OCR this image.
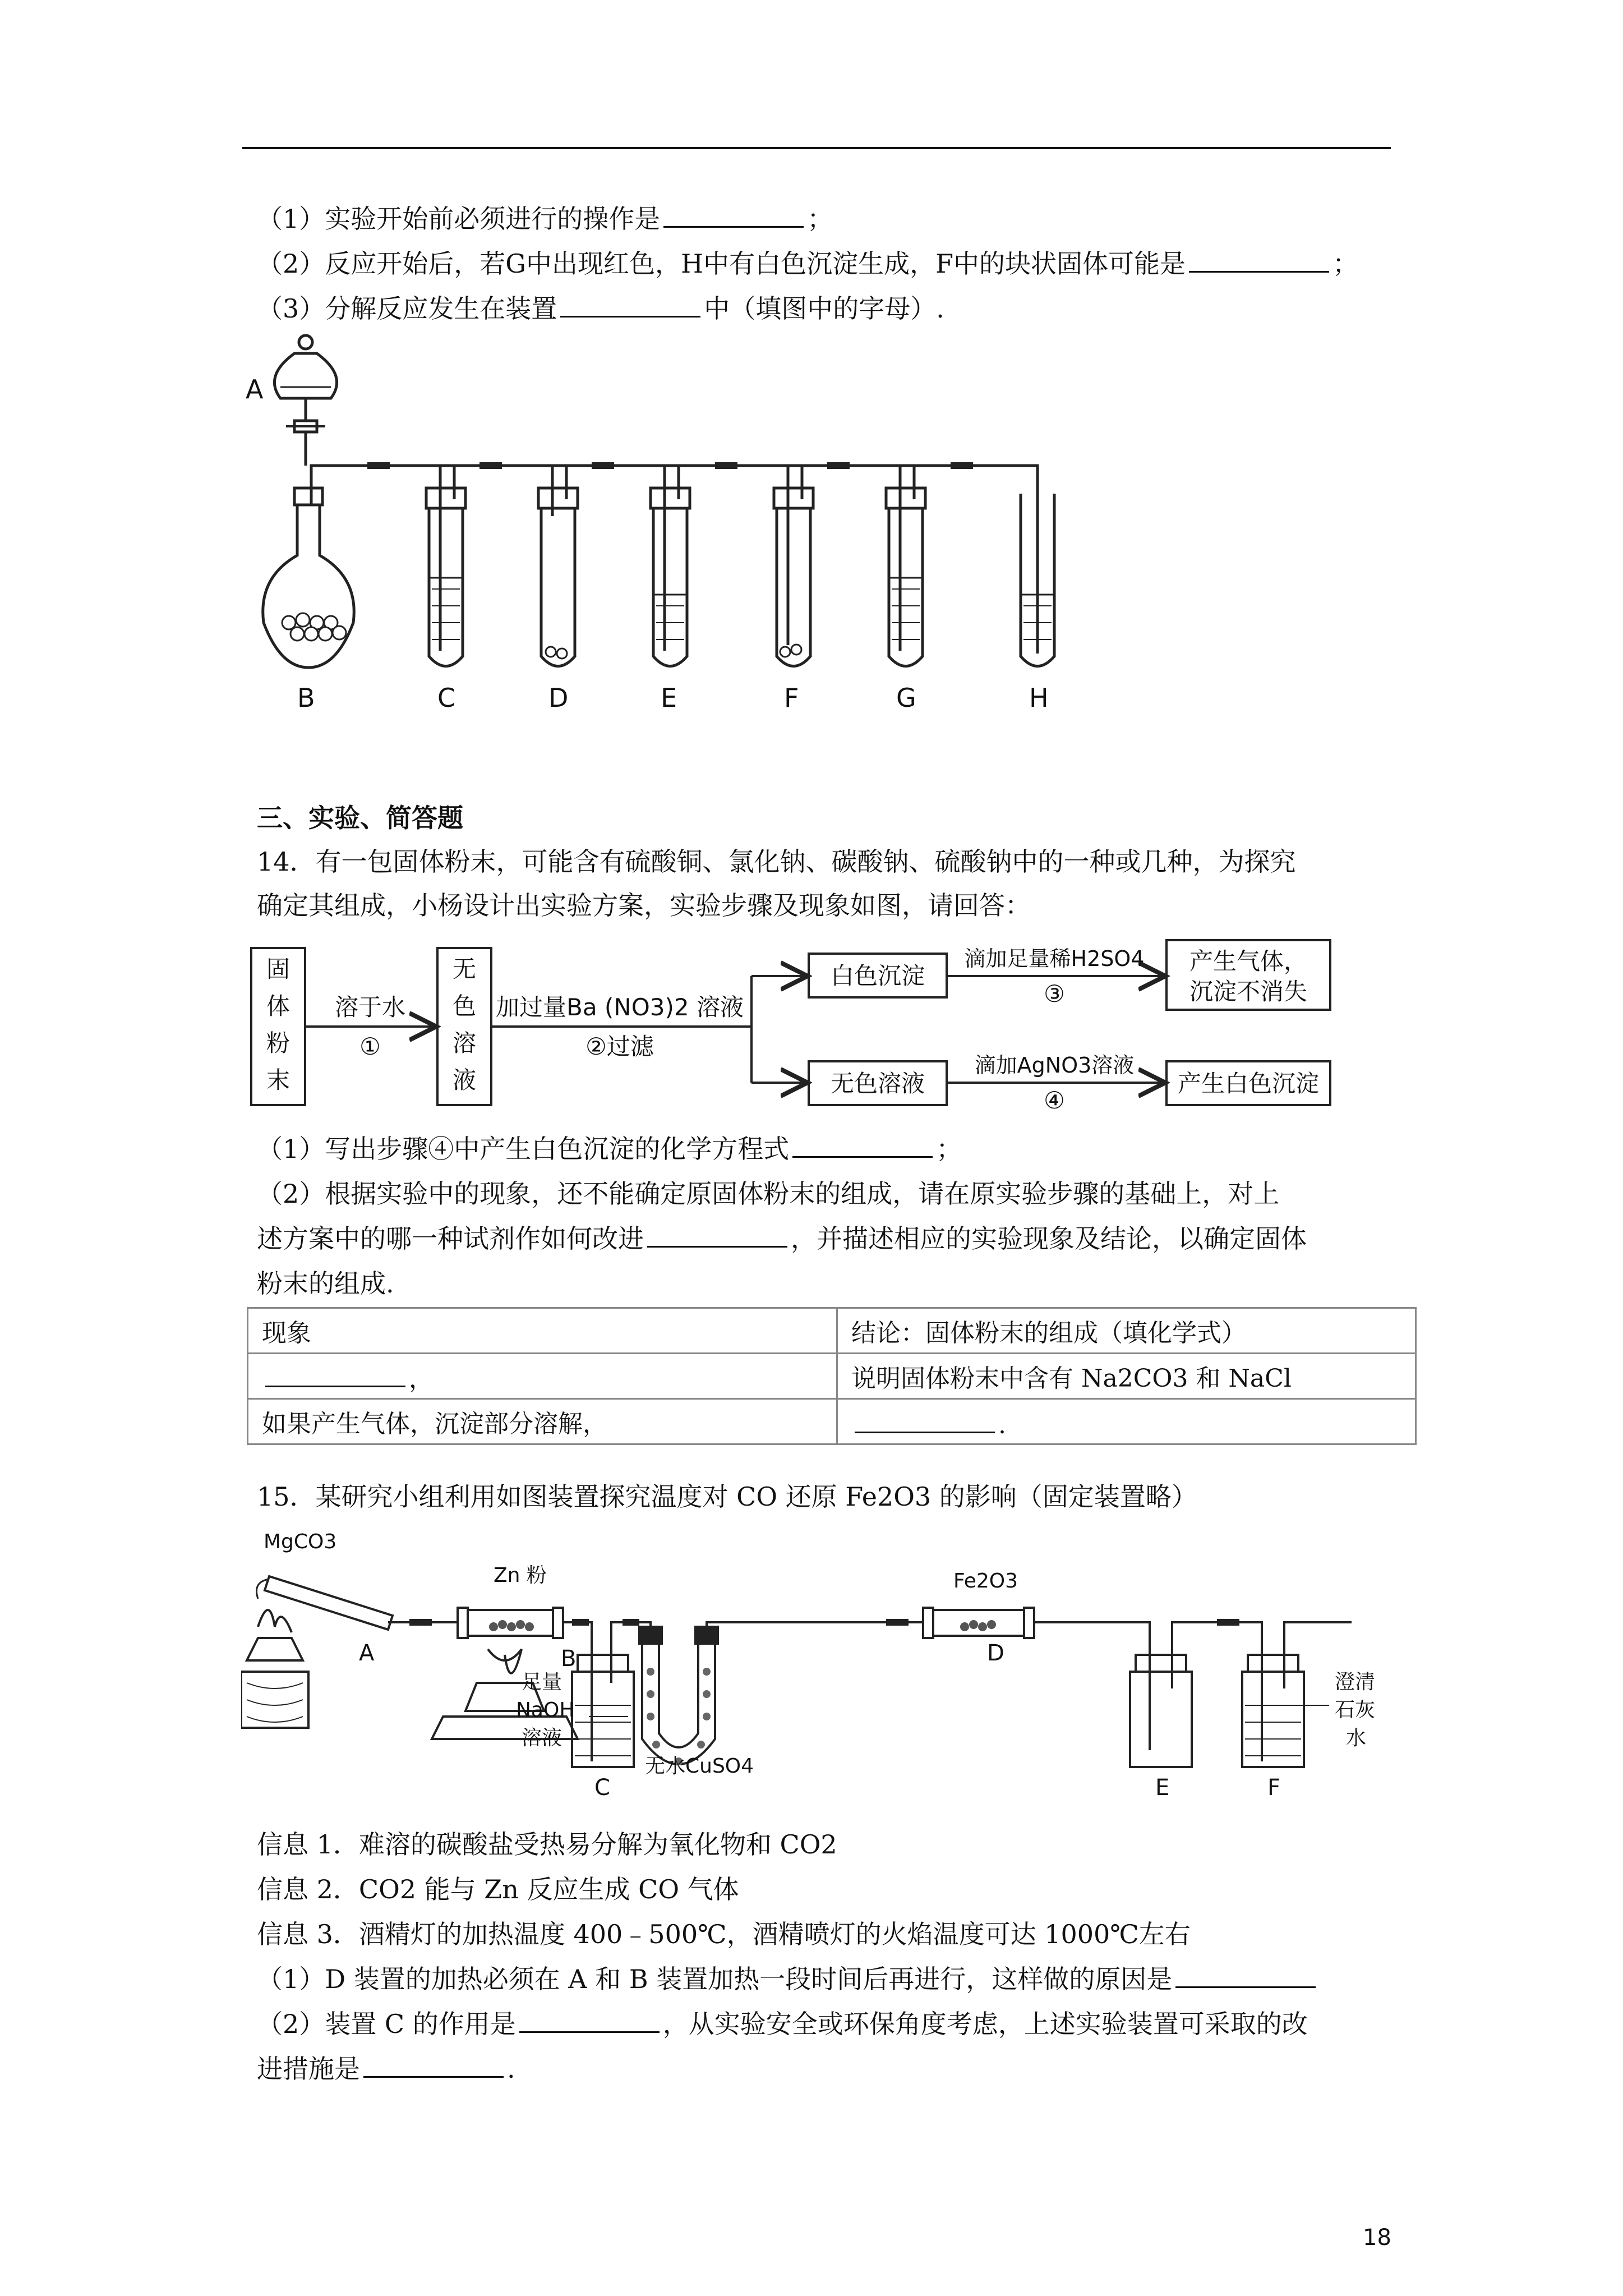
（1）实验开始前必须进行的操作是	；
（2）反应开始后，若G中出现红色，H中有白色沉淀生成，F中的块状固体可能是	；
（3）分解反应发生在装置	中（填图中的字母）.
A
B	C	D	E	F	G	H
三、实验、简答题
14．有一包固体粉末，可能含有硫酸铜、氯化钠、碳酸钠、硫酸钠中的一种或几种，为探究
确定其组成，小杨设计出实验方案，实验步骤及现象如图，请回答：
固
体
粉
末
无
色
溶
液
溶于水
①
加过量Ba (NO3)2 溶液
②过滤
白色沉淀
无色溶液
滴加足量稀H2SO4
③
滴加AgNO3溶液
④
产生气体，
沉淀不消失
产生白色沉淀
（1）写出步骤④中产生白色沉淀的化学方程式	；
（2）根据实验中的现象，还不能确定原固体粉末的组成，请在原实验步骤的基础上，对上
述方案中的哪一种试剂作如何改进	，并描述相应的实验现象及结论，以确定固体
粉末的组成.
现象	结论：固体粉末的组成（填化学式）
，	说明固体粉末中含有 Na2CO3 和 NaCl
如果产生气体，沉淀部分溶解，	.
15．某研究小组利用如图装置探究温度对 CO 还原 Fe2O3 的影响（固定装置略）
MgCO3
Zn 粉	Fe2O3
足量
NaOH
溶液
无水CuSO4
澄清
石灰
水
A	B
C
D
E	F
信息 1．难溶的碳酸盐受热易分解为氧化物和 CO2
信息 2．CO2 能与 Zn 反应生成 CO 气体
信息 3．酒精灯的加热温度 400﹣500℃，酒精喷灯的火焰温度可达 1000℃左右
（1）D 装置的加热必须在 A 和 B 装置加热一段时间后再进行，这样做的原因是
（2）装置 C 的作用是	，从实验安全或环保角度考虑，上述实验装置可采取的改
进措施是	.
18
